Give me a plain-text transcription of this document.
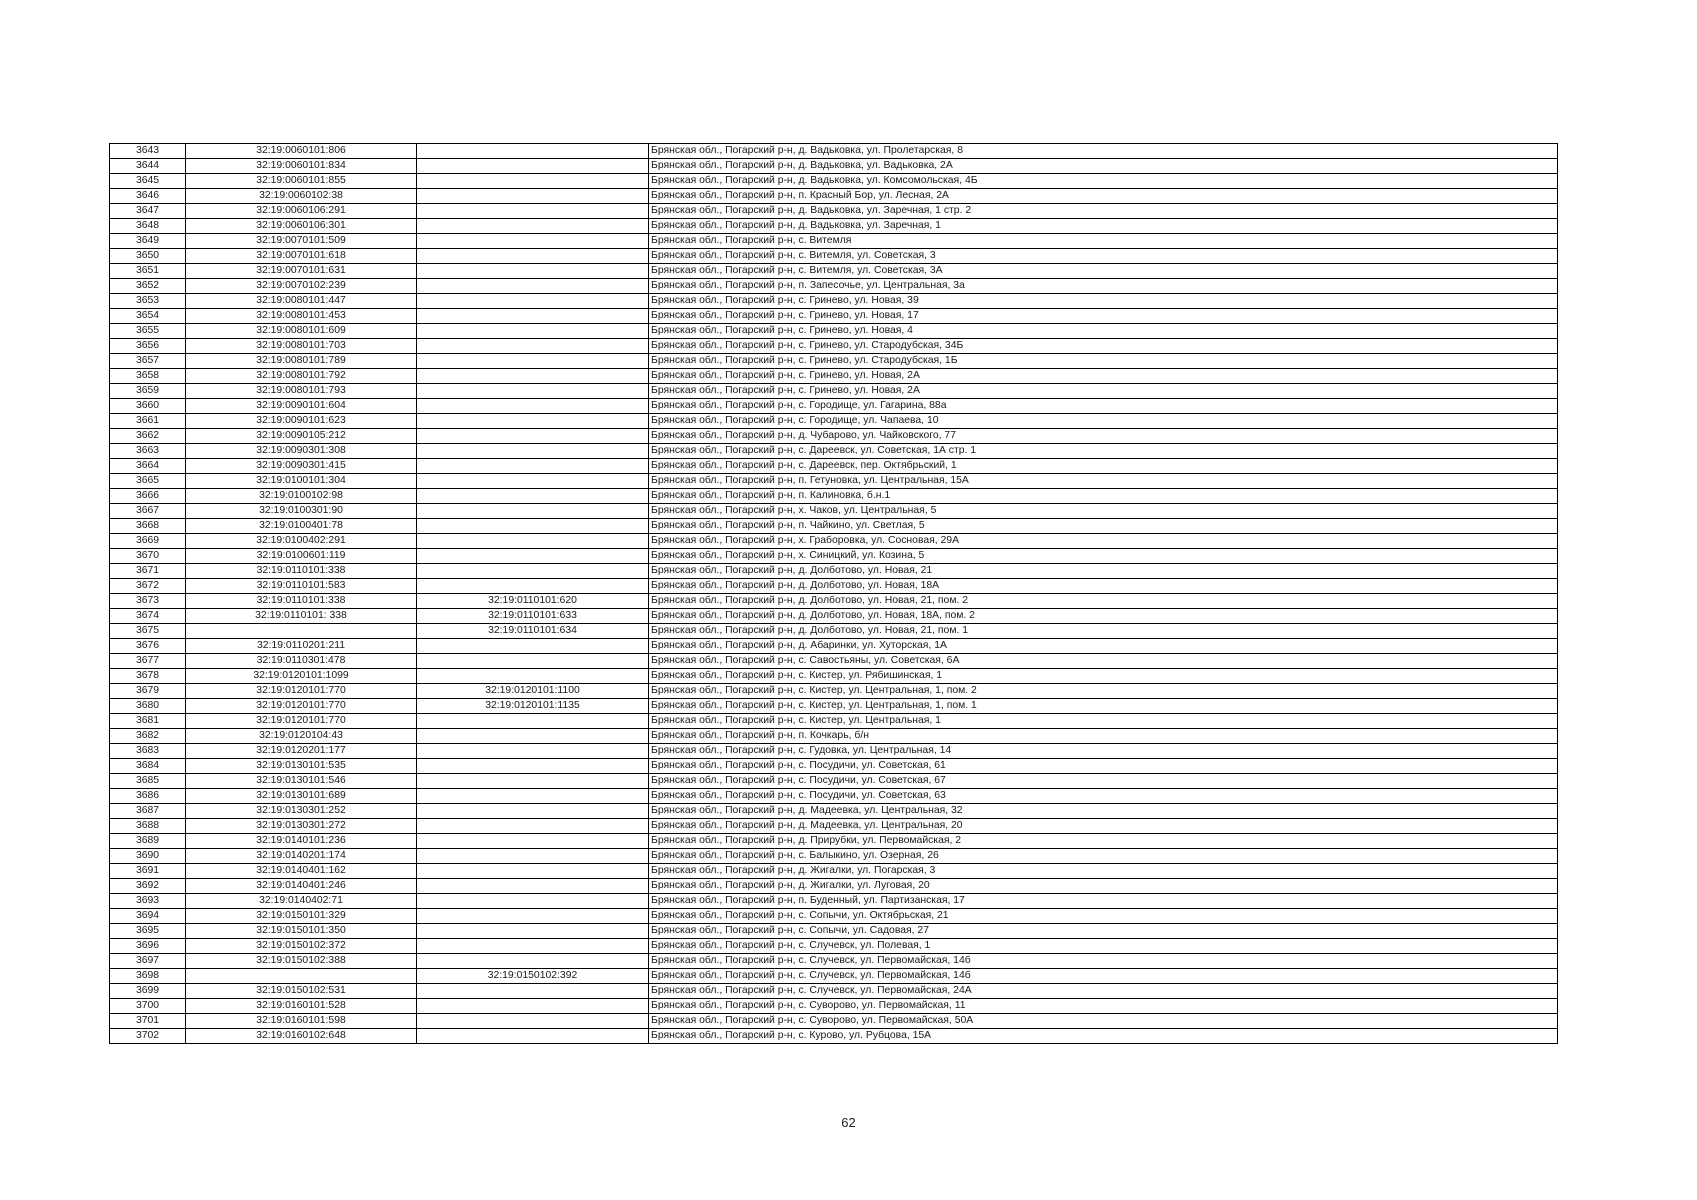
3643	32:19:0060101:806		Брянская обл., Погарский р-н, д. Вадьковка, ул. Пролетарская, 8
3644	32:19:0060101:834		Брянская обл., Погарский р-н, д. Вадьковка, ул. Вадьковка, 2А
3645	32:19:0060101:855		Брянская обл., Погарский р-н, д. Вадьковка, ул. Комсомольская, 4Б
3646	32:19:0060102:38		Брянская обл., Погарский р-н, п. Красный Бор, ул. Лесная, 2А
3647	32:19:0060106:291		Брянская обл., Погарский р-н, д. Вадьковка, ул. Заречная, 1 стр. 2
3648	32:19:0060106:301		Брянская обл., Погарский р-н, д. Вадьковка, ул. Заречная, 1
3649	32:19:0070101:509		Брянская обл., Погарский р-н, с. Витемля
3650	32:19:0070101:618		Брянская обл., Погарский р-н, с. Витемля, ул. Советская, 3
3651	32:19:0070101:631		Брянская обл., Погарский р-н, с. Витемля, ул. Советская, 3А
3652	32:19:0070102:239		Брянская обл., Погарский р-н, п. Запесочье, ул. Центральная, 3а
3653	32:19:0080101:447		Брянская обл., Погарский р-н, с. Гринево, ул. Новая, 39
3654	32:19:0080101:453		Брянская обл., Погарский р-н, с. Гринево, ул. Новая, 17
3655	32:19:0080101:609		Брянская обл., Погарский р-н, с. Гринево, ул. Новая, 4
3656	32:19:0080101:703		Брянская обл., Погарский р-н, с. Гринево, ул. Стародубская, 34Б
3657	32:19:0080101:789		Брянская обл., Погарский р-н, с. Гринево, ул. Стародубская, 1Б
3658	32:19:0080101:792		Брянская обл., Погарский р-н, с. Гринево, ул. Новая, 2А
3659	32:19:0080101:793		Брянская обл., Погарский р-н, с. Гринево, ул. Новая, 2А
3660	32:19:0090101:604		Брянская обл., Погарский р-н, с. Городище, ул. Гагарина, 88а
3661	32:19:0090101:623		Брянская обл., Погарский р-н, с. Городище, ул. Чапаева, 10
3662	32:19:0090105:212		Брянская обл., Погарский р-н, д. Чубарово, ул. Чайковского, 77
3663	32:19:0090301:308		Брянская обл., Погарский р-н, с. Дареевск, ул. Советская, 1А стр. 1
3664	32:19:0090301:415		Брянская обл., Погарский р-н, с. Дареевск, пер. Октябрьский, 1
3665	32:19:0100101:304		Брянская обл., Погарский р-н, п. Гетуновка, ул. Центральная, 15А
3666	32:19:0100102:98		Брянская обл., Погарский р-н, п. Калиновка, б.н.1
3667	32:19:0100301:90		Брянская обл., Погарский р-н, х. Чаков, ул. Центральная, 5
3668	32:19:0100401:78		Брянская обл., Погарский р-н, п. Чайкино, ул. Светлая, 5
3669	32:19:0100402:291		Брянская обл., Погарский р-н, х. Граборовка, ул. Сосновая, 29А
3670	32:19:0100601:119		Брянская обл., Погарский р-н, х. Синицкий, ул. Козина, 5
3671	32:19:0110101:338		Брянская обл., Погарский р-н, д. Долботово, ул. Новая, 21
3672	32:19:0110101:583		Брянская обл., Погарский р-н, д. Долботово, ул. Новая, 18А
3673	32:19:0110101:338	32:19:0110101:620	Брянская обл., Погарский р-н, д. Долботово, ул. Новая, 21, пом. 2
3674	32:19:0110101: 338	32:19:0110101:633	Брянская обл., Погарский р-н, д. Долботово, ул. Новая, 18А, пом. 2
3675		32:19:0110101:634	Брянская обл., Погарский р-н, д. Долботово, ул. Новая, 21, пом. 1
3676	32:19:0110201:211		Брянская обл., Погарский р-н, д. Абаринки, ул. Хуторская, 1А
3677	32:19:0110301:478		Брянская обл., Погарский р-н, с. Савостьяны, ул. Советская, 6А
3678	32:19:0120101:1099		Брянская обл., Погарский р-н, с. Кистер, ул. Рябишинская, 1
3679	32:19:0120101:770	32:19:0120101:1100	Брянская обл., Погарский р-н, с. Кистер, ул. Центральная, 1, пом. 2
3680	32:19:0120101:770	32:19:0120101:1135	Брянская обл., Погарский р-н, с. Кистер, ул. Центральная, 1, пом. 1
3681	32:19:0120101:770		Брянская обл., Погарский р-н, с. Кистер, ул. Центральная, 1
3682	32:19:0120104:43		Брянская обл., Погарский р-н, п. Кочкарь, б/н
3683	32:19:0120201:177		Брянская обл., Погарский р-н, с. Гудовка, ул. Центральная, 14
3684	32:19:0130101:535		Брянская обл., Погарский р-н, с. Посудичи, ул. Советская, 61
3685	32:19:0130101:546		Брянская обл., Погарский р-н, с. Посудичи, ул. Советская, 67
3686	32:19:0130101:689		Брянская обл., Погарский р-н, с. Посудичи, ул. Советская, 63
3687	32:19:0130301:252		Брянская обл., Погарский р-н, д. Мадеевка, ул. Центральная, 32
3688	32:19:0130301:272		Брянская обл., Погарский р-н, д. Мадеевка, ул. Центральная, 20
3689	32:19:0140101:236		Брянская обл., Погарский р-н, д. Прирубки, ул. Первомайская, 2
3690	32:19:0140201:174		Брянская обл., Погарский р-н, с. Балыкино, ул. Озерная, 26
3691	32:19:0140401:162		Брянская обл., Погарский р-н, д. Жигалки, ул. Погарская, 3
3692	32:19:0140401:246		Брянская обл., Погарский р-н, д. Жигалки, ул. Луговая, 20
3693	32:19:0140402:71		Брянская обл., Погарский р-н, п. Буденный, ул. Партизанская, 17
3694	32:19:0150101:329		Брянская обл., Погарский р-н, с. Сопычи, ул. Октябрьская, 21
3695	32:19:0150101:350		Брянская обл., Погарский р-н, с. Сопычи, ул. Садовая, 27
3696	32:19:0150102:372		Брянская обл., Погарский р-н, с. Случевск, ул. Полевая, 1
3697	32:19:0150102:388		Брянская обл., Погарский р-н, с. Случевск, ул. Первомайская, 14б
3698		32:19:0150102:392	Брянская обл., Погарский р-н, с. Случевск, ул. Первомайская, 14б
3699	32:19:0150102:531		Брянская обл., Погарский р-н, с. Случевск, ул. Первомайская, 24А
3700	32:19:0160101:528		Брянская обл., Погарский р-н, с. Суворово, ул. Первомайская, 11
3701	32:19:0160101:598		Брянская обл., Погарский р-н, с. Суворово, ул. Первомайская, 50А
3702	32:19:0160102:648		Брянская обл., Погарский р-н, с. Курово, ул. Рубцова, 15А
62
